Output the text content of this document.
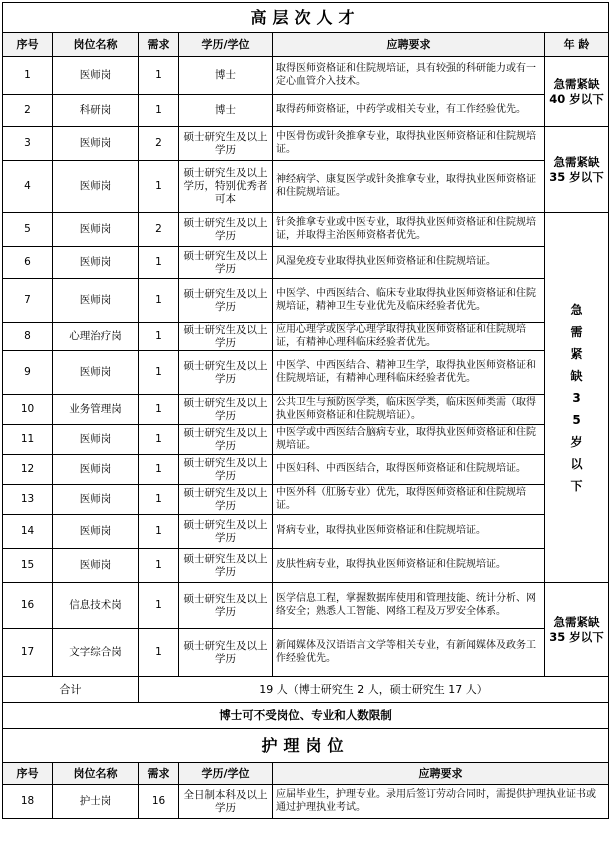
高层次人才					
序号	岗位名称	需求	学历/学位	应聘要求	年 龄
1	医师岗	1	博士	取得医师资格证和住院规培证，具有较强的科研能力或有一定心血管介入技术。	急需紧缺 40 岁以下
2	科研岗	1	博士	取得药师资格证，中药学或相关专业，有工作经验优先。	
3	医师岗	2	硕士研究生及以上学历	中医骨伤或针灸推拿专业，取得执业医师资格证和住院规培证。	急需紧缺 35 岁以下
4	医师岗	1	硕士研究生及以上学历，特别优秀者可本	神经病学、康复医学或针灸推拿专业，取得执业医师资格证和住院规培证。	
5	医师岗	2	硕士研究生及以上学历	针灸推拿专业或中医专业，取得执业医师资格证和住院规培证，并取得主治医师资格者优先。	急需紧缺35岁以下

6	医师岗	1	硕士研究生及以上学历	风湿免疫专业取得执业医师资格证和住院规培证。	
7	医师岗	1	硕士研究生及以上学历	中医学、中西医结合、临床专业取得执业医师资格证和住院规培证，精神卫生专业优先及临床经验者优先。	
8	心理治疗岗	1	硕士研究生及以上学历	应用心理学或医学心理学取得执业医师资格证和住院规培证，有精神心理科临床经验者优先。	
9	医师岗	1	硕士研究生及以上学历	中医学、中西医结合、精神卫生学，取得执业医师资格证和住院规培证，有精神心理科临床经验者优先。	
10	业务管理岗	1	硕士研究生及以上学历	公共卫生与预防医学类，临床医学类，临床医师类需（取得执业医师资格证和住院规培证）。	
11	医师岗	1	硕士研究生及以上学历	中医学或中西医结合脑病专业，取得执业医师资格证和住院规培证。	
12	医师岗	1	硕士研究生及以上学历	中医妇科、中西医结合，取得医师资格证和住院规培证。	
13	医师岗	1	硕士研究生及以上学历	中医外科（肛肠专业）优先，取得医师资格证和住院规培证。	
14	医师岗	1	硕士研究生及以上学历	肾病专业，取得执业医师资格证和住院规培证。	
15	医师岗	1	硕士研究生及以上学历	皮肤性病专业，取得执业医师资格证和住院规培证。	
16	信息技术岗	1	硕士研究生及以上学历	医学信息工程，掌握数据库使用和管理技能、统计分析、网络安全；熟悉人工智能、网络工程及万罗安全体系。	急需紧缺 35 岁以下
17	文字综合岗	1	硕士研究生及以上学历	新闻媒体及汉语语言文学等相关专业，有新闻媒体及政务工作经验优先。	
合计		19 人（博士研究生 2 人，硕士研究生 17 人）			
博士可不受岗位、专业和人数限制					
护理岗位					
序号	岗位名称	需求	学历/学位	应聘要求	
18	护士岗	16	全日制本科及以上学历	应届毕业生，护理专业。录用后签订劳动合同时，需提供护理执业证书或通过护理执业考试。	
